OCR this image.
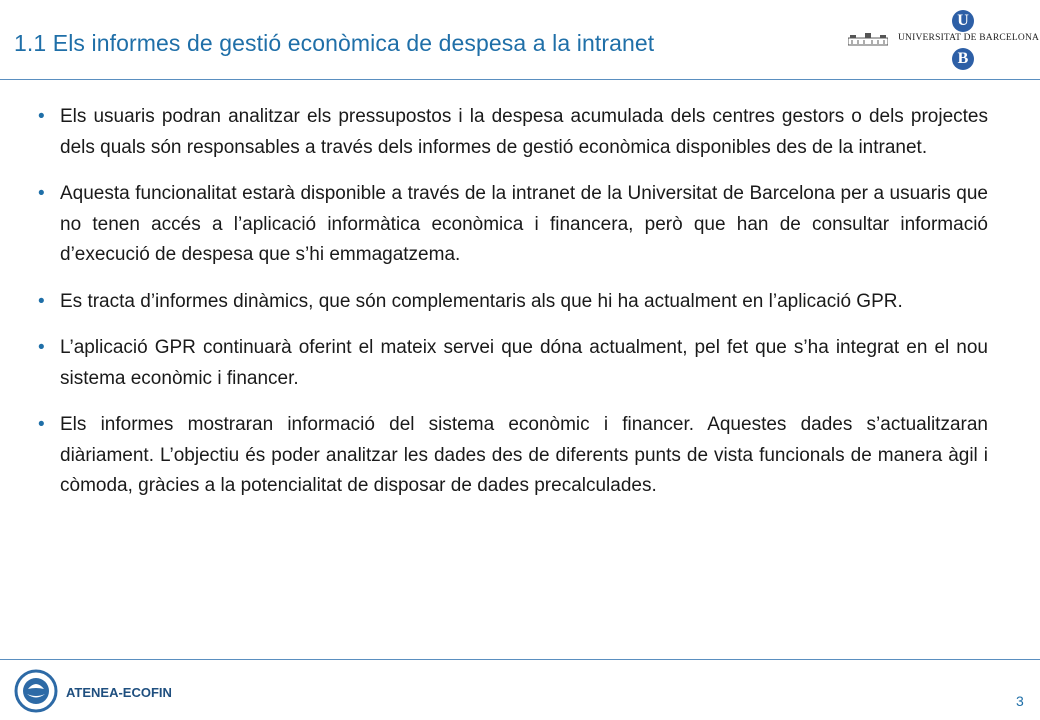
1.1 Els informes de gestió econòmica de despesa a la intranet
U
UNIVERSITAT DE BARCELONA
B
• Els usuaris podran analitzar els pressupostos i la despesa acumulada dels centres gestors o dels projectes dels quals són responsables a través dels informes de gestió econòmica disponibles des de la intranet.
• Aquesta funcionalitat estarà disponible a través de la intranet de la Universitat de Barcelona per a usuaris que no tenen accés a l’aplicació informàtica econòmica i financera, però que han de consultar informació d’execució de despesa que s’hi emmagatzema.
• Es tracta d’informes dinàmics, que són complementaris als que hi ha actualment en l’aplicació GPR.
• L’aplicació GPR continuarà oferint el mateix servei que dóna actualment, pel fet que s’ha integrat en el nou sistema econòmic i financer.
• Els informes mostraran informació del sistema econòmic i financer. Aquestes dades s’actualitzaran diàriament. L’objectiu és poder analitzar les dades des de diferents punts de vista funcionals de manera àgil i còmoda, gràcies a la potencialitat de disposar de dades precalculades.
ATENEA-ECOFIN
3
